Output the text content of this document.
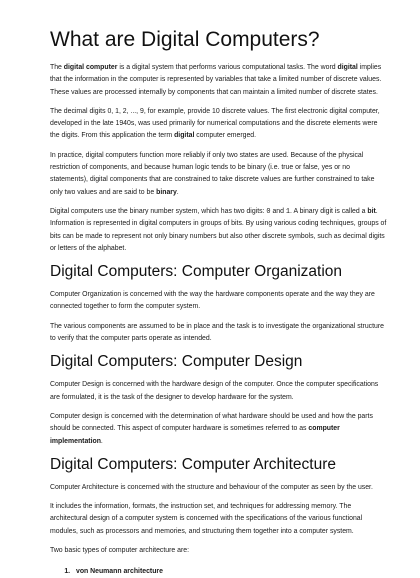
What are Digital Computers?

The digital computer is a digital system that performs various computational tasks. The word digital implies that the information in the computer is represented by variables that take a limited number of discrete values. These values are processed internally by components that can maintain a limited number of discrete states.

The decimal digits 0, 1, 2, ..., 9, for example, provide 10 discrete values. The first electronic digital computer, developed in the late 1940s, was used primarily for numerical computations and the discrete elements were the digits. From this application the term digital computer emerged.

In practice, digital computers function more reliably if only two states are used. Because of the physical restriction of components, and because human logic tends to be binary (i.e. true or false, yes or no statements), digital components that are constrained to take discrete values are further constrained to take only two values and are said to be binary.

Digital computers use the binary number system, which has two digits: 0 and 1. A binary digit is called a bit. Information is represented in digital computers in groups of bits. By using various coding techniques, groups of bits can be made to represent not only binary numbers but also other discrete symbols, such as decimal digits or letters of the alphabet.

Digital Computers: Computer Organization

Computer Organization is concerned with the way the hardware components operate and the way they are connected together to form the computer system.

The various components are assumed to be in place and the task is to investigate the organizational structure to verify that the computer parts operate as intended.

Digital Computers: Computer Design

Computer Design is concerned with the hardware design of the computer. Once the computer specifications are formulated, it is the task of the designer to develop hardware for the system.

Computer design is concerned with the determination of what hardware should be used and how the parts should be connected. This aspect of computer hardware is sometimes referred to as computer implementation.

Digital Computers: Computer Architecture

Computer Architecture is concerned with the structure and behaviour of the computer as seen by the user.

It includes the information, formats, the instruction set, and techniques for addressing memory. The architectural design of a computer system is concerned with the specifications of the various functional modules, such as processors and memories, and structuring them together into a computer system.

Two basic types of computer architecture are:

1. von Neumann architecture
